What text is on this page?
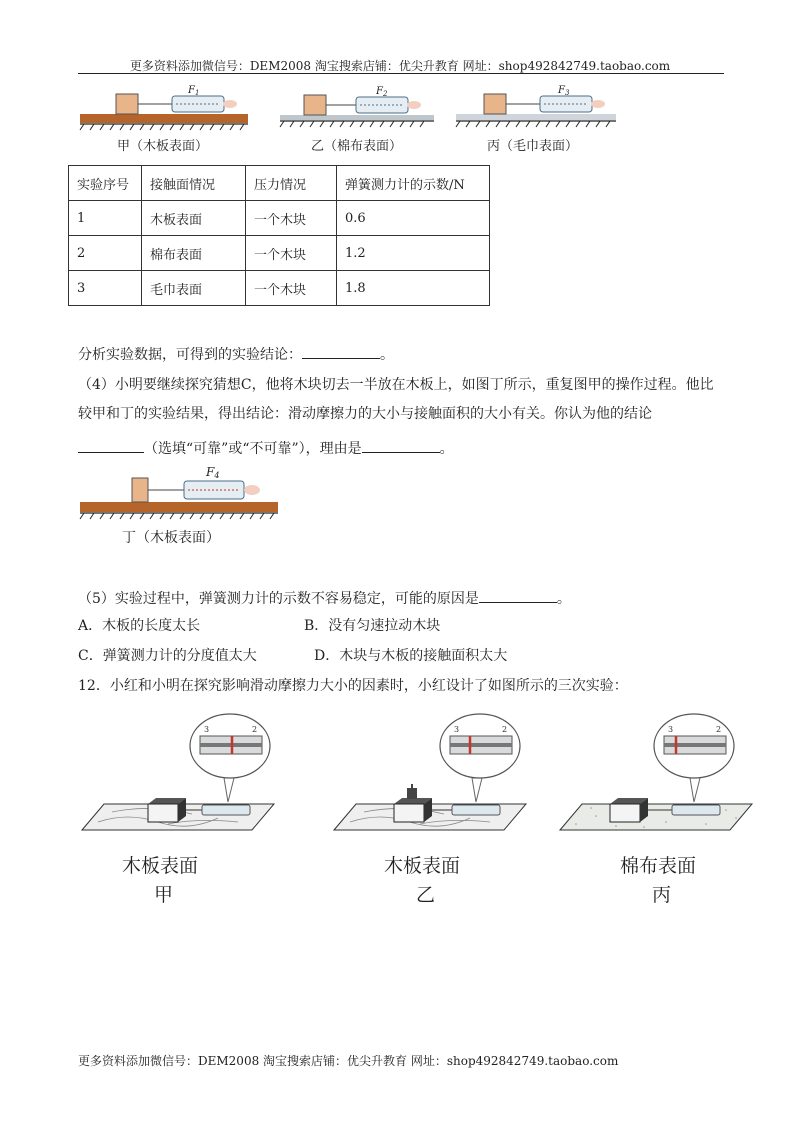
更多资料添加微信号：DEM2008 淘宝搜索店铺：优尖升教育 网址：shop492842749.taobao.com
$F_1$	$F_2$	$F_3$
甲（木板表面）	乙（棉布表面）	丙（毛巾表面）
实验序号	接触面情况	压力情况	弹簧测力计的示数/N
1	木板表面	一个木块	0.6
2	棉布表面	一个木块	1.2
3	毛巾表面	一个木块	1.8
分析实验数据，可得到的实验结论：	。
（4）小明要继续探究猜想C，他将木块切去一半放在木板上，如图丁所示，重复图甲的操作过程。他比
较甲和丁的实验结果，得出结论：滑动摩擦力的大小与接触面积的大小有关。你认为他的结论
（选填“可靠”或“不可靠”），理由是	。
F4
丁（木板表面）
（5）实验过程中，弹簧测力计的示数不容易稳定，可能的原因是	。
A．木板的长度太长	B．没有匀速拉动木块
C．弹簧测力计的分度值太大	D．木块与木板的接触面积太大
12．小红和小明在探究影响滑动摩擦力大小的因素时，小红设计了如图所示的三次实验：
3	2	3	2	3	2
木板表面
甲
木板表面
乙
棉布表面
丙
更多资料添加微信号：DEM2008 淘宝搜索店铺：优尖升教育 网址：shop492842749.taobao.com
